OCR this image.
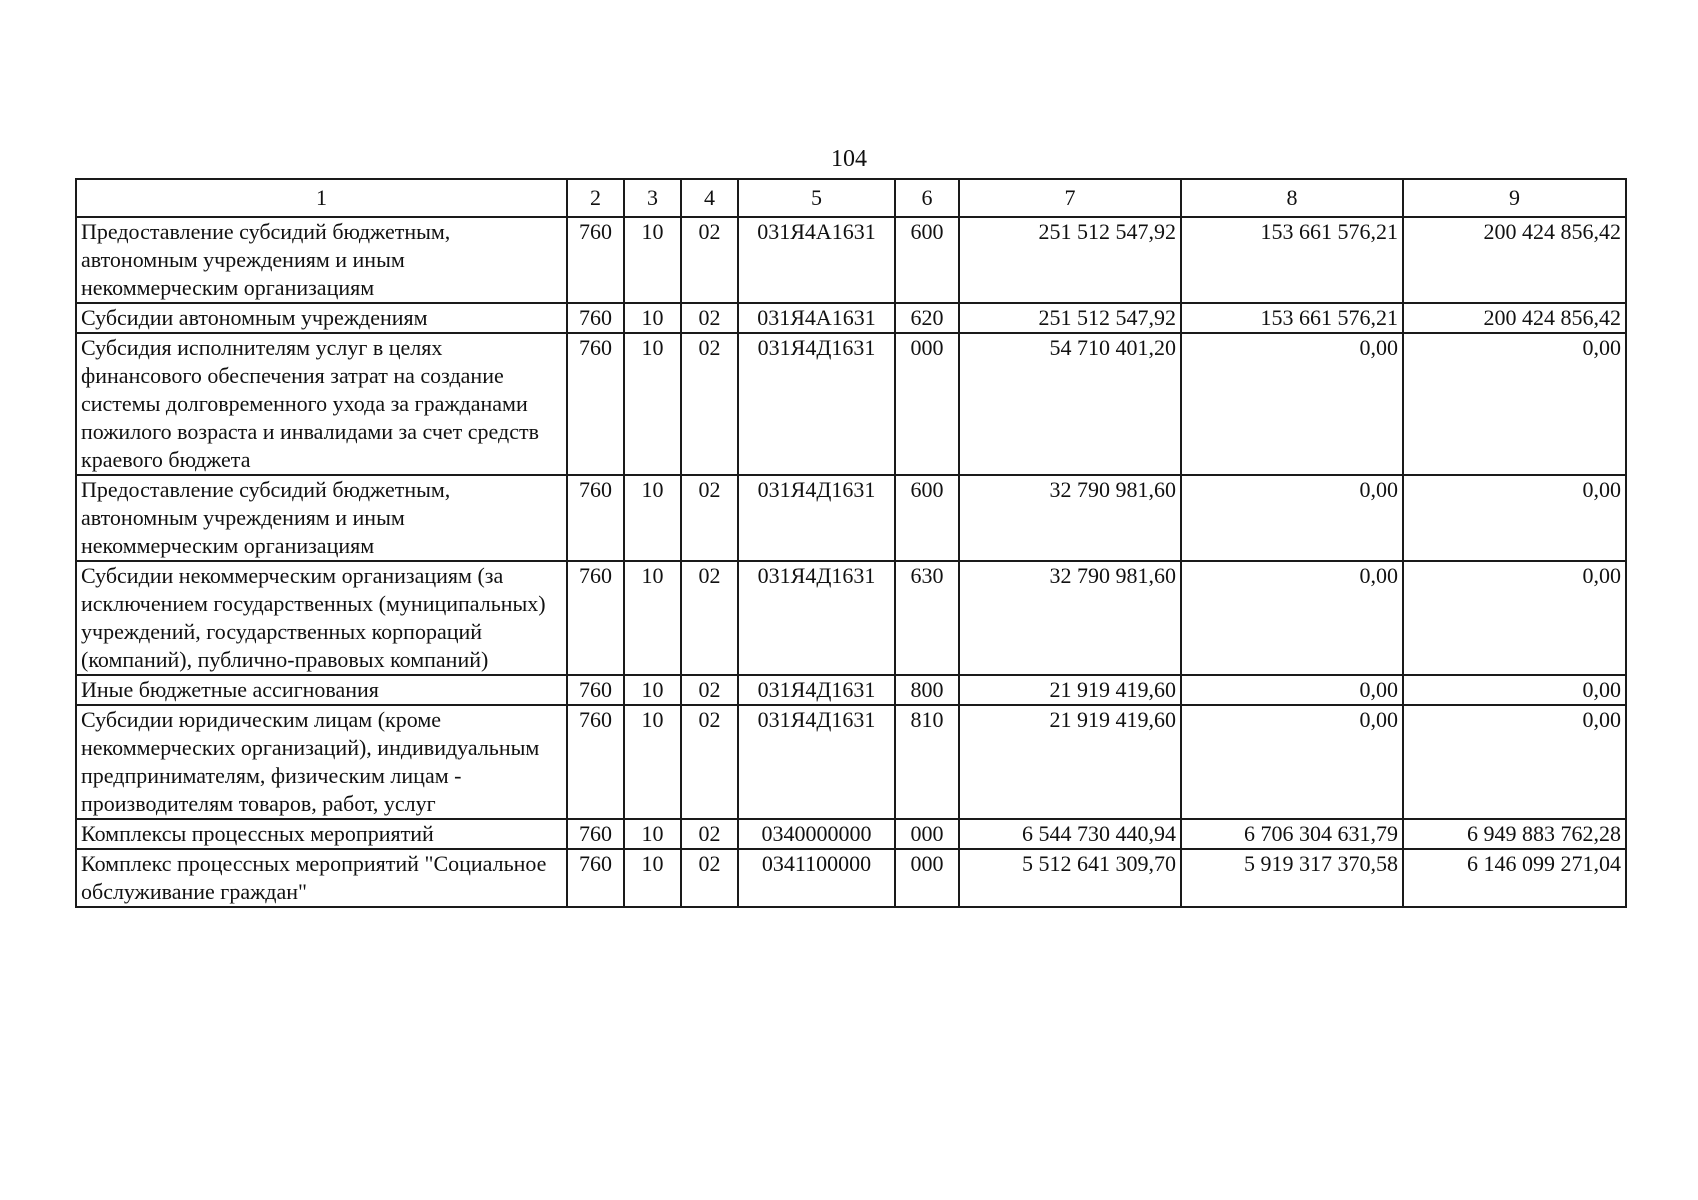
104
1	2	3	4	5	6	7	8	9
Предоставление субсидий бюджетным, автономным учреждениям и иным некоммерческим организациям	760	10	02	031Я4А1631	600	251 512 547,92	153 661 576,21	200 424 856,42
Субсидии автономным учреждениям	760	10	02	031Я4А1631	620	251 512 547,92	153 661 576,21	200 424 856,42
Субсидия исполнителям услуг в целях финансового обеспечения затрат на создание системы долговременного ухода за гражданами пожилого возраста и инвалидами за счет средств краевого бюджета	760	10	02	031Я4Д1631	000	54 710 401,20	0,00	0,00
Предоставление субсидий бюджетным, автономным учреждениям и иным некоммерческим организациям	760	10	02	031Я4Д1631	600	32 790 981,60	0,00	0,00
Субсидии некоммерческим организациям (за исключением государственных (муниципальных) учреждений, государственных корпораций (компаний), публично-правовых компаний)	760	10	02	031Я4Д1631	630	32 790 981,60	0,00	0,00
Иные бюджетные ассигнования	760	10	02	031Я4Д1631	800	21 919 419,60	0,00	0,00
Субсидии юридическим лицам (кроме некоммерческих организаций), индивидуальным предпринимателям, физическим лицам - производителям товаров, работ, услуг	760	10	02	031Я4Д1631	810	21 919 419,60	0,00	0,00
Комплексы процессных мероприятий	760	10	02	0340000000	000	6 544 730 440,94	6 706 304 631,79	6 949 883 762,28
Комплекс процессных мероприятий "Социальное обслуживание граждан"	760	10	02	0341100000	000	5 512 641 309,70	5 919 317 370,58	6 146 099 271,04
